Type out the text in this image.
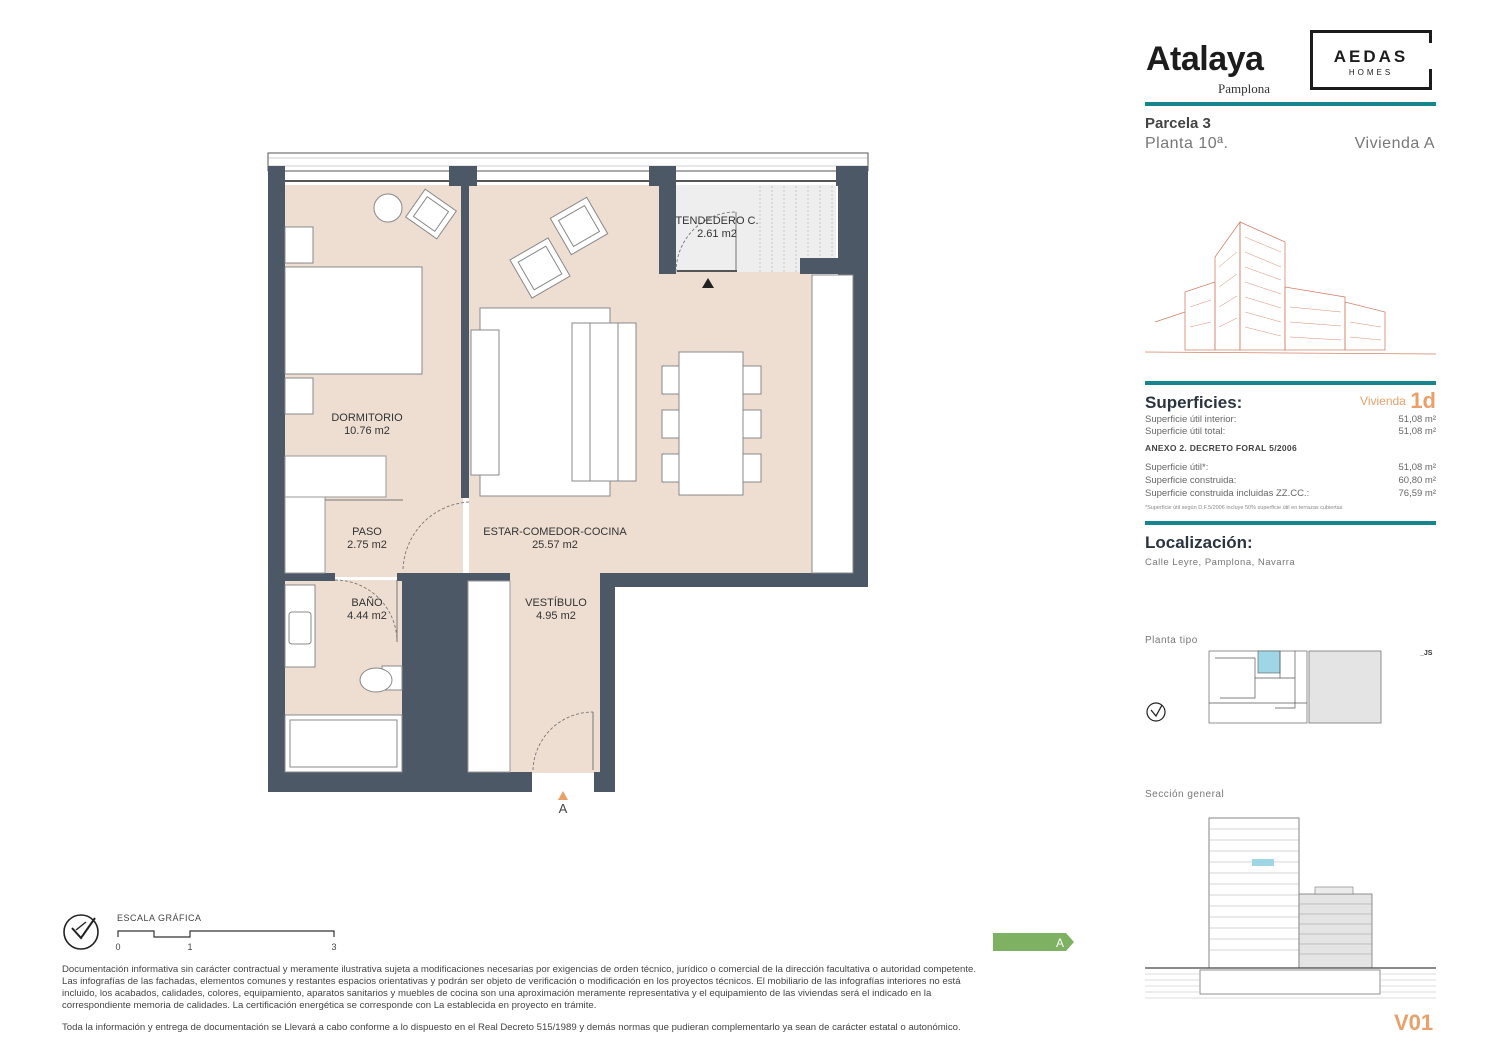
A
DORMITORIO
10.76 m2
ESTAR-COMEDOR-COCINA
25.57 m2
TENDEDERO C.
2.61 m2
PASO
2.75 m2
BAÑO
4.44 m2
VESTÍBULO
4.95 m2
ESCALA GRÁFICA
0	1	3	A
Atalaya
Pamplona
AEDAS
HOMES
Parcela 3
Planta 10ª.	Vivienda A
Superficies:	Vivienda 1d
Superficie útil interior:	51,08 m²
Superficie útil total:	51,08 m²
ANEXO 2. DECRETO FORAL 5/2006
Superficie útil*:	51,08 m²
Superficie construida:	60,80 m²
Superficie construida incluidas ZZ.CC.:	76,59 m²
*Superficie útil según D.F.5/2006 incluye 50% superficie útil en terrazas cubiertas
Localización:
Calle Leyre, Pamplona, Navarra
Planta tipo
_JS
Sección general
Documentación informativa sin carácter contractual y meramente ilustrativa sujeta a modificaciones necesarias por exigencias de orden técnico, jurídico o comercial de la dirección facultativa o autoridad competente.
Las infografías de las fachadas, elementos comunes y restantes espacios orientativas y podrán ser objeto de verificación o modificación en los proyectos técnicos. El mobiliario de las infografías interiores no está
incluido, los acabados, calidades, colores, equipamiento, aparatos sanitarios y muebles de cocina son una aproximación meramente representativa y el equipamiento de las viviendas será el indicado en la
correspondiente memoria de calidades. La certificación energética se corresponde con La establecida en proyecto en trámite.
Toda la información y entrega de documentación se Llevará a cabo conforme a lo dispuesto en el Real Decreto 515/1989 y demás normas que pudieran complementarlo ya sean de carácter estatal o autonómico.	V01
